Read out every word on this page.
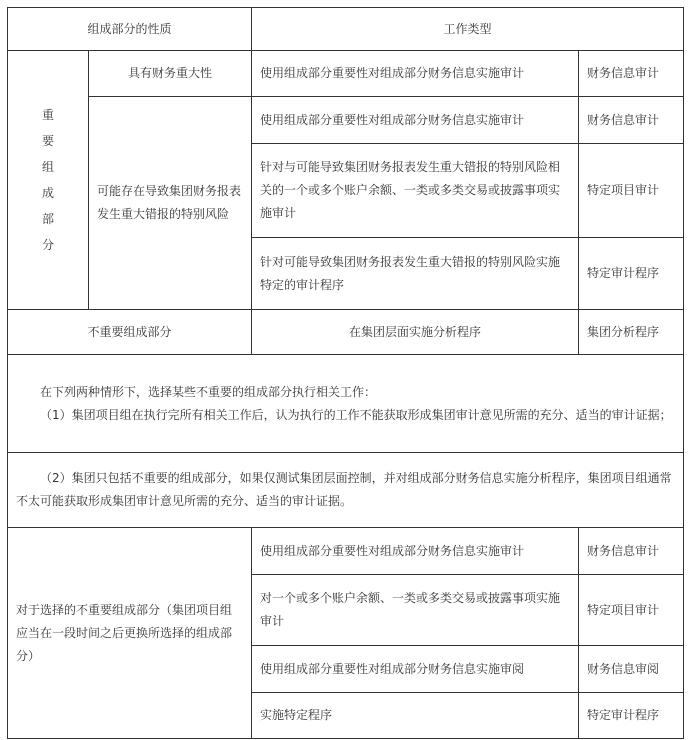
组成部分的性质		工作类型	

重要组成部分	具有财务重大性	使用组成部分重要性对组成部分财务信息实施审计	财务信息审计
	可能存在导致集团财务报表发生重大错报的特别风险	使用组成部分重要性对组成部分财务信息实施审计	财务信息审计
		针对与可能导致集团财务报表发生重大错报的特别风险相关的一个或多个账户余额、一类或多类交易或披露事项实施审计	特定项目审计
		针对可能导致集团财务报表发生重大错报的特别风险实施特定的审计程序	特定审计程序
不重要组成部分		在集团层面实施分析程序	集团分析程序

在下列两种情形下，选择某些不重要的组成部分执行相关工作：
（1）集团项目组在执行完所有相关工作后，认为执行的工作不能获取形成集团审计意见所需的充分、适当的审计证据；			

（2）集团只包括不重要的组成部分，如果仅测试集团层面控制，并对组成部分财务信息实施分析程序，集团项目组通常不太可能获取形成集团审计意见所需的充分、适当的审计证据。			

对于选择的不重要组成部分（集团项目组应当在一段时间之后更换所选择的组成部分）		使用组成部分重要性对组成部分财务信息实施审计	财务信息审计
		对一个或多个账户余额、一类或多类交易或披露事项实施审计	特定项目审计
		使用组成部分重要性对组成部分财务信息实施审阅	财务信息审阅
		实施特定程序	特定审计程序
